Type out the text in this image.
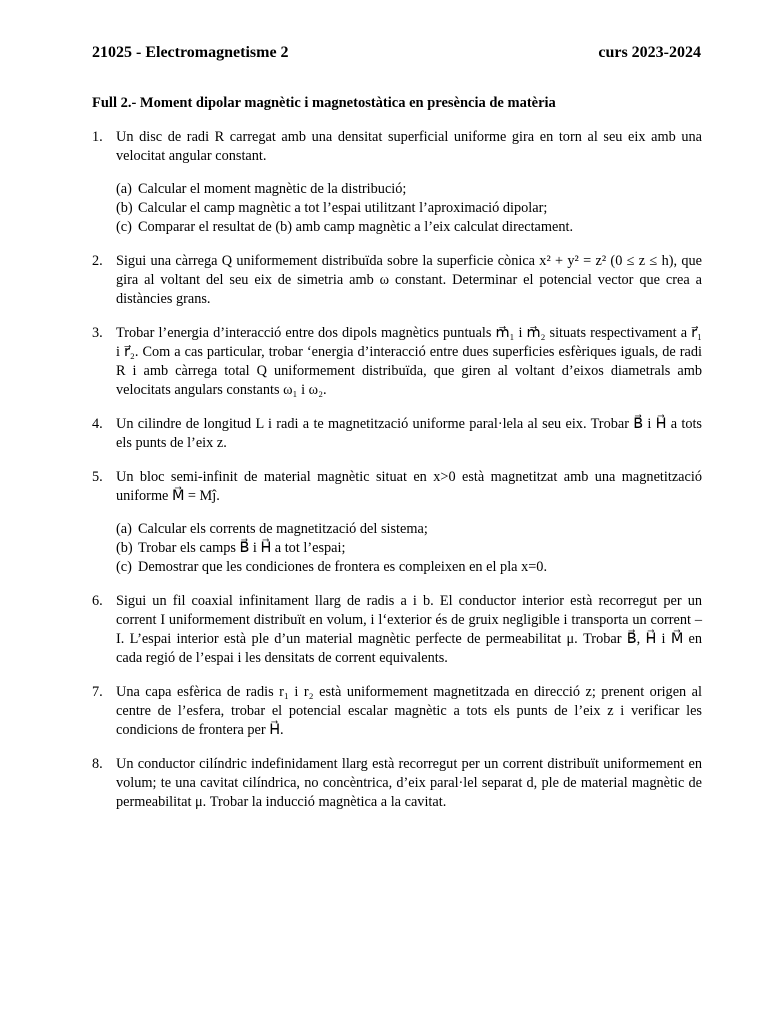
21025 - Electromagnetisme 2	curs 2023-2024
Full 2.- Moment dipolar magnètic i magnetostàtica en presència de matèria
1. Un disc de radi R carregat amb una densitat superficial uniforme gira en torn al seu eix amb una velocitat angular constant.
(a) Calcular el moment magnètic de la distribució;
(b) Calcular el camp magnètic a tot l’espai utilitzant l’aproximació dipolar;
(c) Comparar el resultat de (b) amb camp magnètic a l’eix calculat directament.
2. Sigui una càrrega Q uniformement distribuïda sobre la superficie cònica x² + y² = z² (0 ≤ z ≤ h), que gira al voltant del seu eix de simetria amb ω constant. Determinar el potencial vector que crea a distàncies grans.
3. Trobar l’energia d’interacció entre dos dipols magnètics puntuals m⃗₁ i m⃗₂ situats respectivament a r⃗₁ i r⃗₂. Com a cas particular, trobar ‘energia d’interacció entre dues superficies esfèriques iguals, de radi R i amb càrrega total Q uniformement distribuïda, que giren al voltant d’eixos diametrals amb velocitats angulars constants ω₁ i ω₂.
4. Un cilindre de longitud L i radi a te magnetització uniforme paral·lela al seu eix. Trobar B⃗ i H⃗ a tots els punts de l’eix z.
5. Un bloc semi-infinit de material magnètic situat en x>0 està magnetitzat amb una magnetització uniforme M⃗ = Mĵ.
(a) Calcular els corrents de magnetització del sistema;
(b) Trobar els camps B⃗ i H⃗ a tot l’espai;
(c) Demostrar que les condiciones de frontera es compleixen en el pla x=0.
6. Sigui un fil coaxial infinitament llarg de radis a i b. El conductor interior està recorregut per un corrent I uniformement distribuït en volum, i l‘exterior és de gruix negligible i transporta un corrent – I. L’espai interior està ple d’un material magnètic perfecte de permeabilitat μ. Trobar B⃗, H⃗ i M⃗ en cada regió de l’espai i les densitats de corrent equivalents.
7. Una capa esfèrica de radis r₁ i r₂ està uniformement magnetitzada en direcció z; prenent origen al centre de l’esfera, trobar el potencial escalar magnètic a tots els punts de l’eix z i verificar les condicions de frontera per H⃗.
8. Un conductor cilíndric indefinidament llarg està recorregut per un corrent distribuït uniformement en volum; te una cavitat cilíndrica, no concèntrica, d’eix paral·lel separat d, ple de material magnètic de permeabilitat μ. Trobar la inducció magnètica a la cavitat.
